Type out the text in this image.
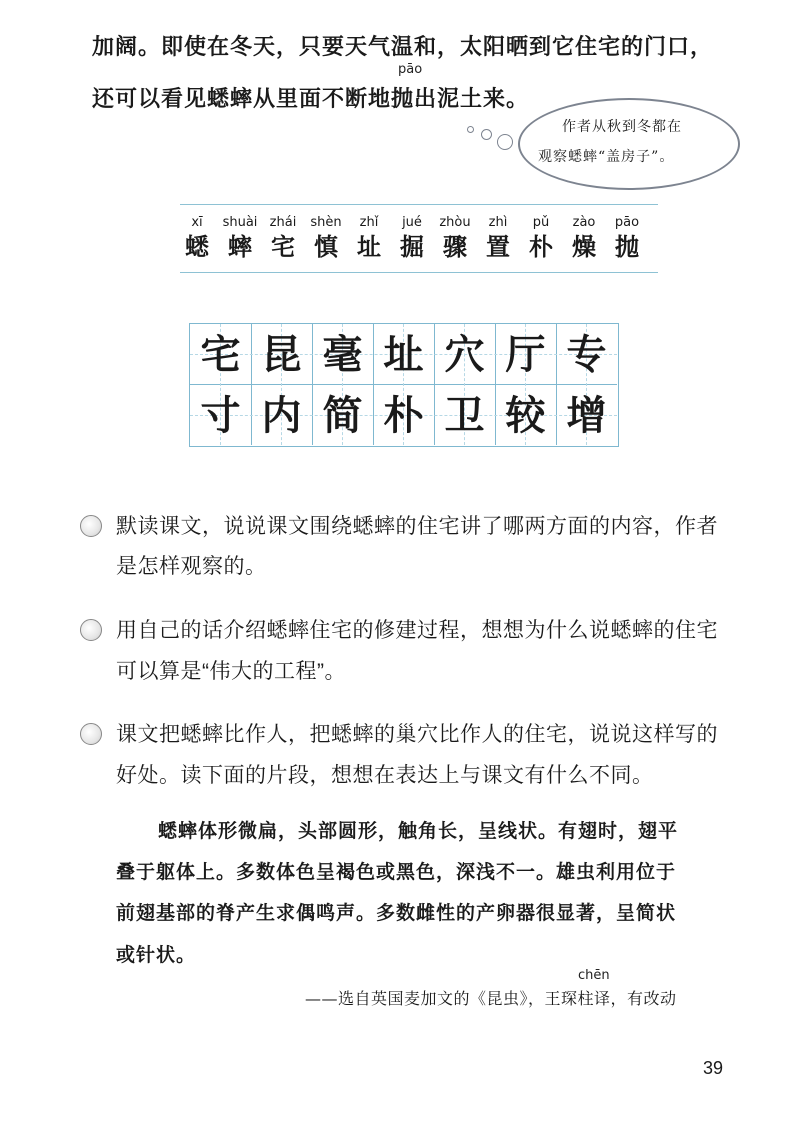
加阔。即使在冬天，只要天气温和，太阳晒到它住宅的门口，
pāo
还可以看见蟋蟀从里面不断地抛出泥土来。
作者从秋到冬都在
观察蟋蟀“盖房子”。
xī
蟋
shuài
蟀
zhái
宅
shèn
慎
zhǐ
址
jué
掘
zhòu
骤
zhì
置
pǔ
朴
zào
燥
pāo
抛
宅 昆 毫 址 穴 厅 专
寸 内 简 朴 卫 较 增
默读课文，说说课文围绕蟋蟀的住宅讲了哪两方面的内容，作者
是怎样观察的。
用自己的话介绍蟋蟀住宅的修建过程，想想为什么说蟋蟀的住宅
可以算是“伟大的工程”。
课文把蟋蟀比作人，把蟋蟀的巢穴比作人的住宅，说说这样写的
好处。读下面的片段，想想在表达上与课文有什么不同。
蟋蟀体形微扁，头部圆形，触角长，呈线状。有翅时，翅平
叠于躯体上。多数体色呈褐色或黑色，深浅不一。雄虫利用位于
前翅基部的脊产生求偶鸣声。多数雌性的产卵器很显著，呈简状
或针状。
chēn
——选自英国麦加文的《昆虫》，王琛柱译，有改动
39
